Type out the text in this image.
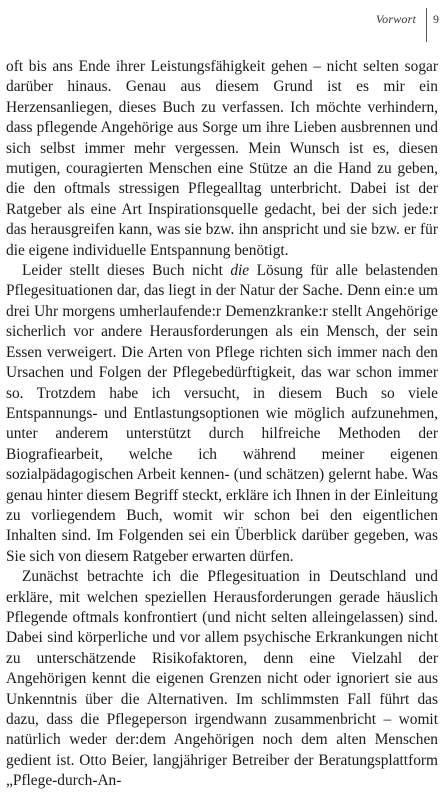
Vorwort 9

oft bis ans Ende ihrer Leistungsfähigkeit gehen – nicht selten sogar darüber hinaus. Genau aus diesem Grund ist es mir ein Herzensanliegen, dieses Buch zu verfassen. Ich möchte verhindern, dass pflegende Angehörige aus Sorge um ihre Lieben ausbrennen und sich selbst immer mehr vergessen. Mein Wunsch ist es, diesen mutigen, couragierten Menschen eine Stütze an die Hand zu geben, die den oftmals stressigen Pflegealltag unterbricht. Dabei ist der Ratgeber als eine Art Inspirationsquelle gedacht, bei der sich jede:r das herausgreifen kann, was sie bzw. ihn anspricht und sie bzw. er für die eigene individuelle Entspannung benötigt.

Leider stellt dieses Buch nicht die Lösung für alle belastenden Pflegesituationen dar, das liegt in der Natur der Sache. Denn ein:e um drei Uhr morgens umherlaufende:r Demenzkranke:r stellt Angehörige sicherlich vor andere Herausforderungen als ein Mensch, der sein Essen verweigert. Die Arten von Pflege richten sich immer nach den Ursachen und Folgen der Pflegebedürftigkeit, das war schon immer so. Trotzdem habe ich versucht, in diesem Buch so viele Entspannungs- und Entlastungsoptionen wie möglich aufzunehmen, unter anderem unterstützt durch hilfreiche Methoden der Biografiearbeit, welche ich während meiner eigenen sozialpädagogischen Arbeit kennen- (und schätzen) gelernt habe. Was genau hinter diesem Begriff steckt, erkläre ich Ihnen in der Einleitung zu vorliegendem Buch, womit wir schon bei den eigentlichen Inhalten sind. Im Folgenden sei ein Überblick darüber gegeben, was Sie sich von diesem Ratgeber erwarten dürfen.

Zunächst betrachte ich die Pflegesituation in Deutschland und erkläre, mit welchen speziellen Herausforderungen gerade häuslich Pflegende oftmals konfrontiert (und nicht selten alleingelassen) sind. Dabei sind körperliche und vor allem psychische Erkrankungen nicht zu unterschätzende Risikofaktoren, denn eine Vielzahl der Angehörigen kennt die eigenen Grenzen nicht oder ignoriert sie aus Unkenntnis über die Alternativen. Im schlimmsten Fall führt das dazu, dass die Pflegeperson irgendwann zusammenbricht – womit natürlich weder der:dem Angehörigen noch dem alten Menschen gedient ist. Otto Beier, langjähriger Betreiber der Beratungsplattform „Pflege-durch-An-
